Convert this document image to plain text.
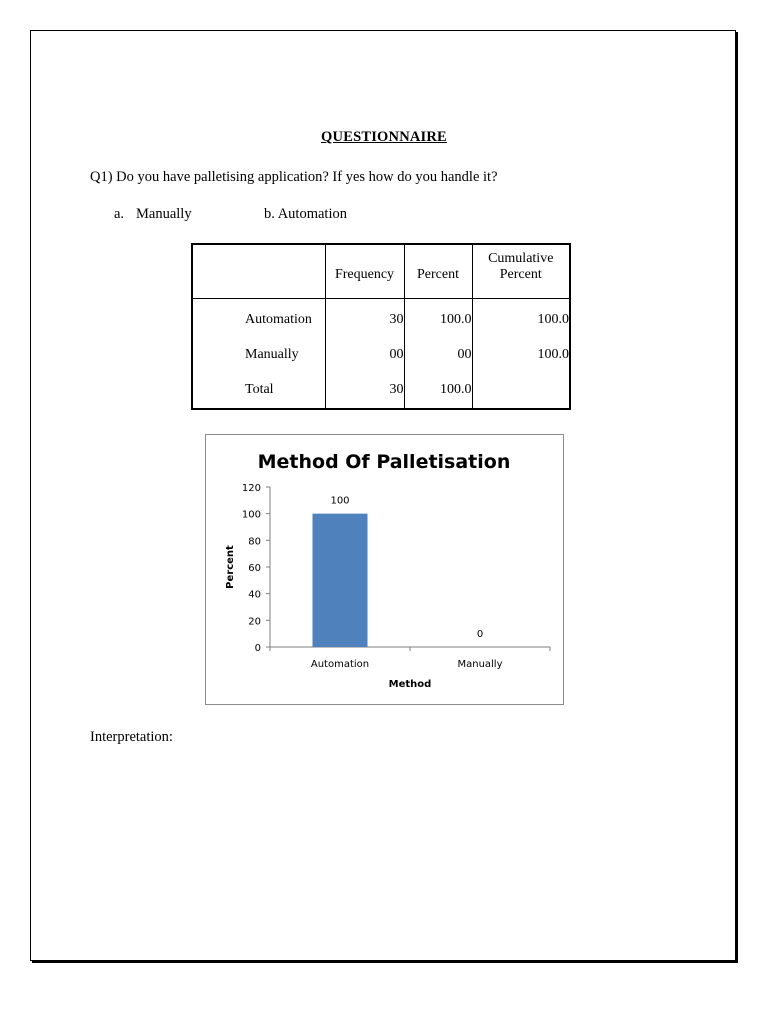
QUESTIONNAIRE
Q1) Do you have palletising application? If yes how do you handle it?
a. Manually	b. Automation
	Frequency	Percent	Cumulative Percent

Automation	30	100.0	100.0
Manually	00	00	100.0
Total	30	100.0	
Method Of Palletisation
0
20
40
60
80
100
120
100
Automation
0
Manually
Method
Percent
Interpretation:
